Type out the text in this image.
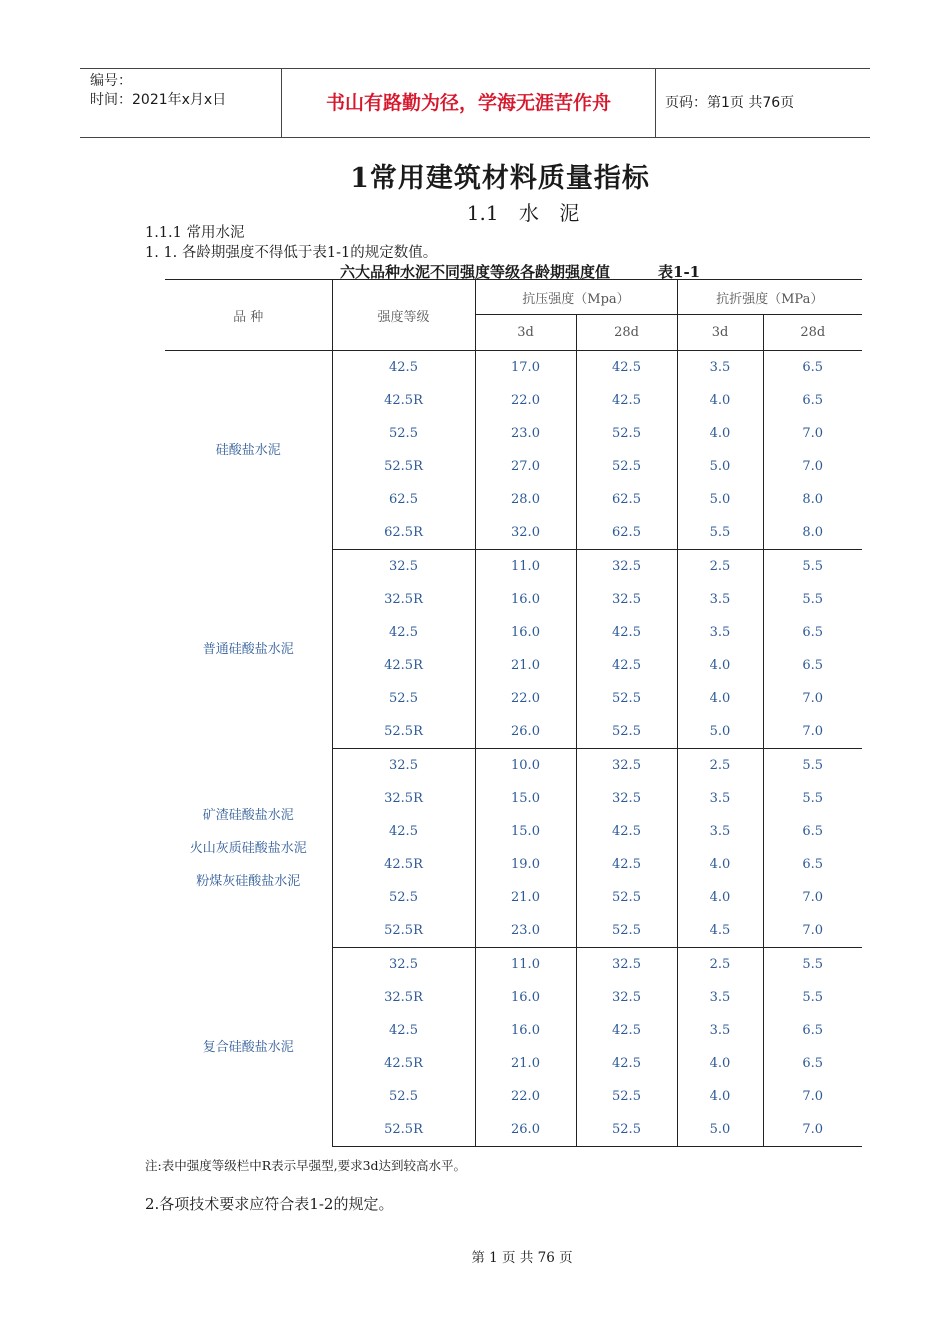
编号：
时间：2021年x月x日	书山有路勤为径，学海无涯苦作舟	页码：第1页 共76页
1常用建筑材料质量指标
1.1 水 泥
1.1.1 常用水泥
1. 1. 各龄期强度不得低于表1-1的规定数值。
六大品种水泥不同强度等级各龄期强度值	表1-1
品 种	强度等级	抗压强度（Mpa）		抗折强度（MPa）	
		3d	28d	3d	28d

硅酸盐水泥	42.5	17.0	42.5	3.5	6.5
	42.5R	22.0	42.5	4.0	6.5
	52.5	23.0	52.5	4.0	7.0
	52.5R	27.0	52.5	5.0	7.0
	62.5	28.0	62.5	5.0	8.0
	62.5R	32.0	62.5	5.5	8.0

普通硅酸盐水泥	32.5	11.0	32.5	2.5	5.5
	32.5R	16.0	32.5	3.5	5.5
	42.5	16.0	42.5	3.5	6.5
	42.5R	21.0	42.5	4.0	6.5
	52.5	22.0	52.5	4.0	7.0
	52.5R	26.0	52.5	5.0	7.0

矿渣硅酸盐水泥
火山灰质硅酸盐水泥
粉煤灰硅酸盐水泥	32.5	10.0	32.5	2.5	5.5
	32.5R	15.0	32.5	3.5	5.5
	42.5	15.0	42.5	3.5	6.5
	42.5R	19.0	42.5	4.0	6.5
	52.5	21.0	52.5	4.0	7.0
	52.5R	23.0	52.5	4.5	7.0

复合硅酸盐水泥	32.5	11.0	32.5	2.5	5.5
	32.5R	16.0	32.5	3.5	5.5
	42.5	16.0	42.5	3.5	6.5
	42.5R	21.0	42.5	4.0	6.5
	52.5	22.0	52.5	4.0	7.0
	52.5R	26.0	52.5	5.0	7.0
注:表中强度等级栏中R表示早强型,要求3d达到较高水平。
2.各项技术要求应符合表1-2的规定。
第 1 页 共 76 页
